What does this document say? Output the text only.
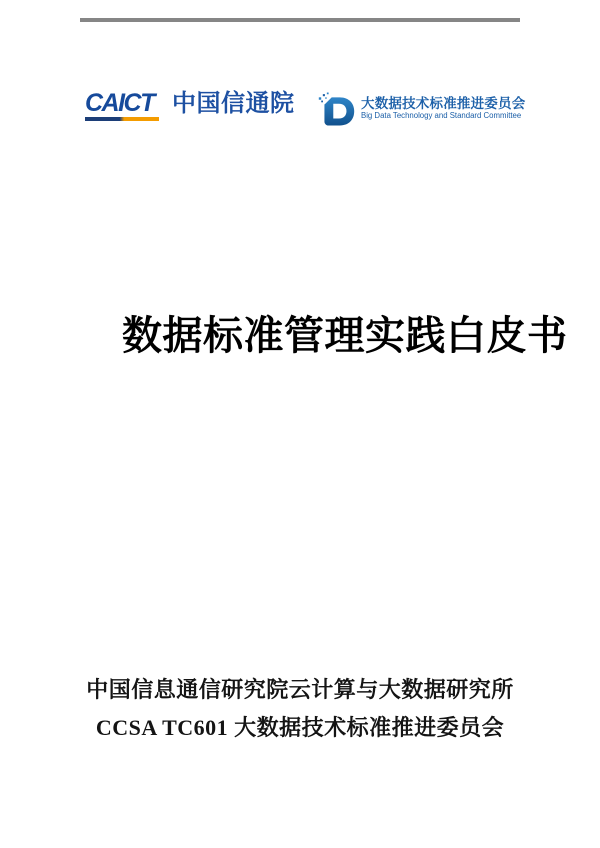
CAICT 中国信通院	大数据技术标准推进委员会
Big Data Technology and Standard Committee
数据标准管理实践白皮书
中国信息通信研究院云计算与大数据研究所
CCSA TC601 大数据技术标准推进委员会
